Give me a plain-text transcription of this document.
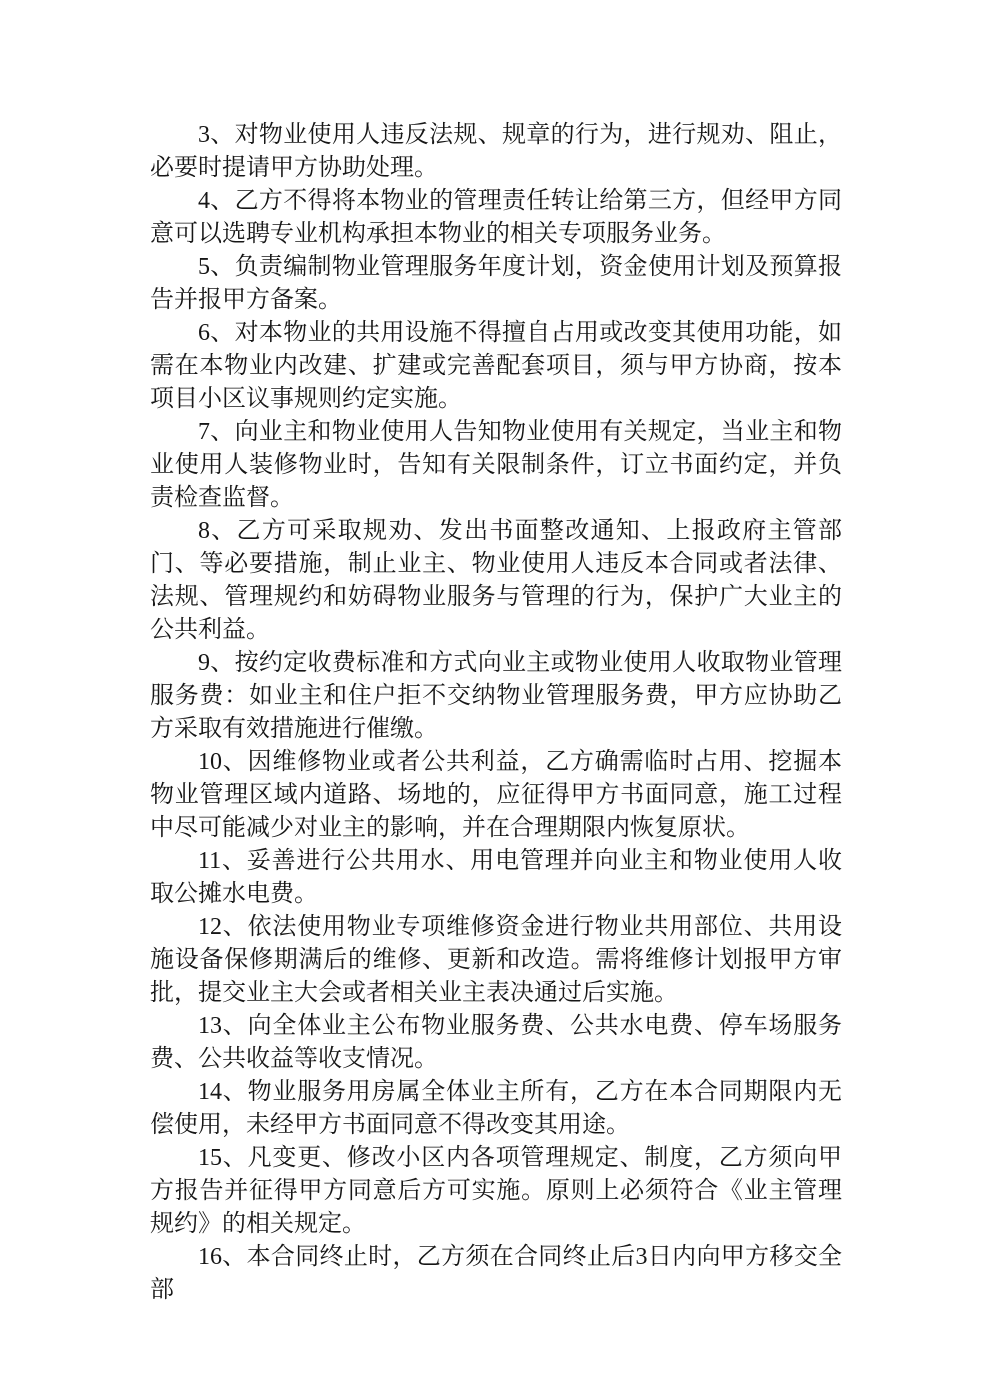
3、对物业使用人违反法规、规章的行为，进行规劝、阻止，必要时提请甲方协助处理。

4、乙方不得将本物业的管理责任转让给第三方，但经甲方同意可以选聘专业机构承担本物业的相关专项服务业务。

5、负责编制物业管理服务年度计划，资金使用计划及预算报告并报甲方备案。

6、对本物业的共用设施不得擅自占用或改变其使用功能，如需在本物业内改建、扩建或完善配套项目，须与甲方协商，按本项目小区议事规则约定实施。

7、向业主和物业使用人告知物业使用有关规定，当业主和物业使用人装修物业时，告知有关限制条件，订立书面约定，并负责检查监督。

8、乙方可采取规劝、发出书面整改通知、上报政府主管部门、等必要措施，制止业主、物业使用人违反本合同或者法律、法规、管理规约和妨碍物业服务与管理的行为，保护广大业主的公共利益。

9、按约定收费标准和方式向业主或物业使用人收取物业管理服务费：如业主和住户拒不交纳物业管理服务费，甲方应协助乙方采取有效措施进行催缴。

10、因维修物业或者公共利益，乙方确需临时占用、挖掘本物业管理区域内道路、场地的，应征得甲方书面同意，施工过程中尽可能减少对业主的影响，并在合理期限内恢复原状。

11、妥善进行公共用水、用电管理并向业主和物业使用人收取公摊水电费。

12、依法使用物业专项维修资金进行物业共用部位、共用设施设备保修期满后的维修、更新和改造。需将维修计划报甲方审批，提交业主大会或者相关业主表决通过后实施。

13、向全体业主公布物业服务费、公共水电费、停车场服务费、公共收益等收支情况。

14、物业服务用房属全体业主所有，乙方在本合同期限内无偿使用，未经甲方书面同意不得改变其用途。

15、凡变更、修改小区内各项管理规定、制度，乙方须向甲方报告并征得甲方同意后方可实施。原则上必须符合《业主管理规约》的相关规定。

16、本合同终止时，乙方须在合同终止后3日内向甲方移交全部
